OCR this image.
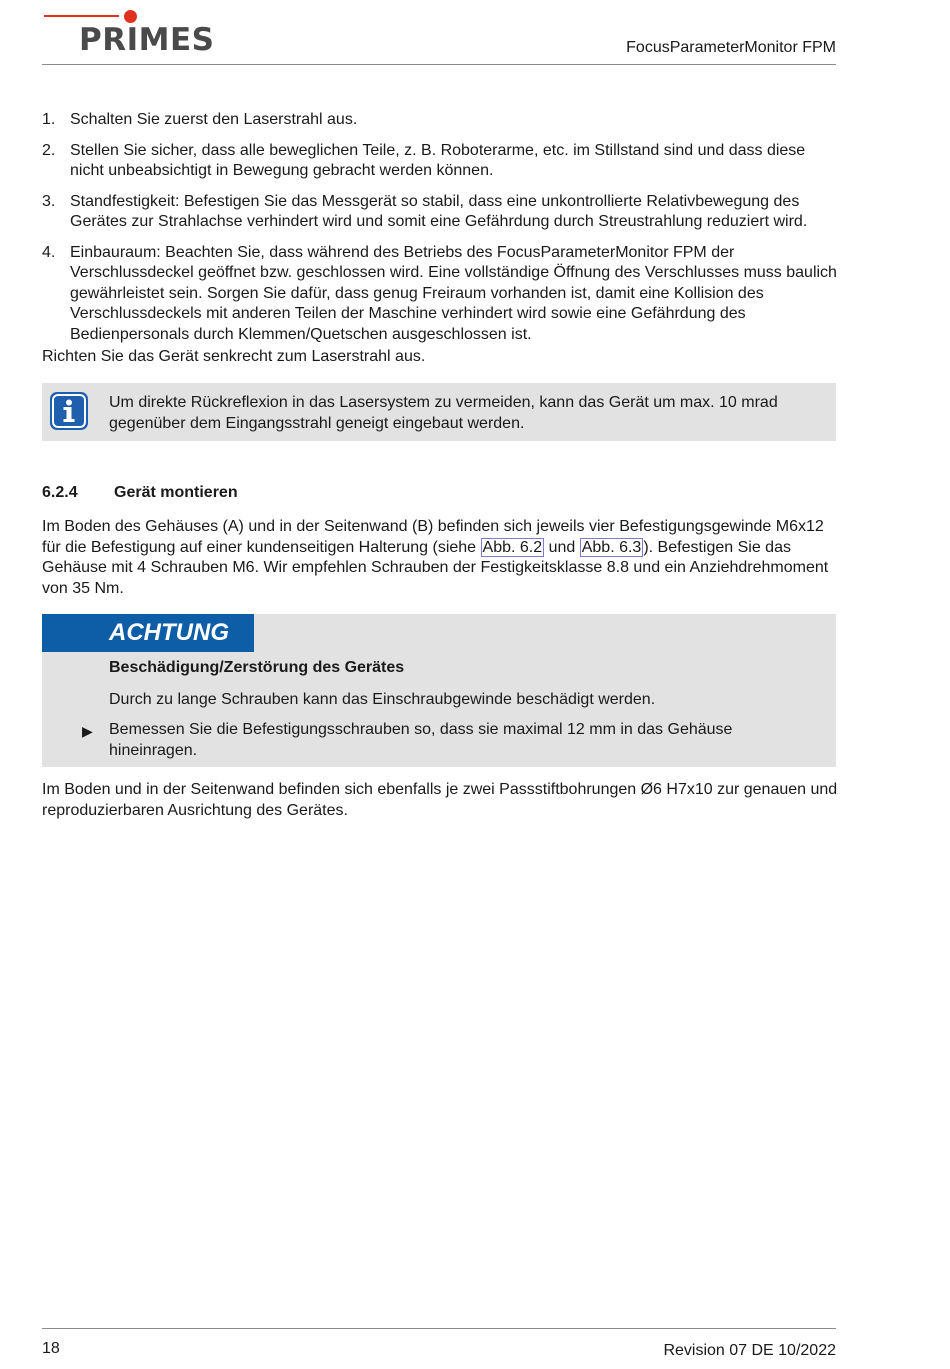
PRIMES	FocusParameterMonitor FPM
1. Schalten Sie zuerst den Laserstrahl aus.
2. Stellen Sie sicher, dass alle beweglichen Teile, z. B. Roboterarme, etc. im Stillstand sind und dass diese nicht unbeabsichtigt in Bewegung gebracht werden können.
3. Standfestigkeit: Befestigen Sie das Messgerät so stabil, dass eine unkontrollierte Relativbewegung des Gerätes zur Strahlachse verhindert wird und somit eine Gefährdung durch Streustrahlung reduziert wird.
4. Einbauraum: Beachten Sie, dass während des Betriebs des FocusParameterMonitor FPM der Verschlussdeckel geöffnet bzw. geschlossen wird. Eine vollständige Öffnung des Verschlusses muss baulich gewährleistet sein. Sorgen Sie dafür, dass genug Freiraum vorhanden ist, damit eine Kollision des Verschlussdeckels mit anderen Teilen der Maschine verhindert wird sowie eine Gefährdung des Bedienpersonals durch Klemmen/Quetschen ausgeschlossen ist.

Richten Sie das Gerät senkrecht zum Laserstrahl aus.

Um direkte Rückreflexion in das Lasersystem zu vermeiden, kann das Gerät um max. 10 mrad gegenüber dem Eingangsstrahl geneigt eingebaut werden.
6.2.4 Gerät montieren

Im Boden des Gehäuses (A) und in der Seitenwand (B) befinden sich jeweils vier Befestigungsgewinde M6x12 für die Befestigung auf einer kundenseitigen Halterung (siehe Abb. 6.2 und Abb. 6.3 ). Befestigen Sie das Gehäuse mit 4 Schrauben M6. Wir empfehlen Schrauben der Festigkeitsklasse 8.8 und ein Anziehdrehmoment von 35 Nm.

ACHTUNG
Beschädigung/Zerstörung des Gerätes
Durch zu lange Schrauben kann das Einschraubgewinde beschädigt werden.
▶ Bemessen Sie die Befestigungsschrauben so, dass sie maximal 12 mm in das Gehäuse hineinragen.

Im Boden und in der Seitenwand befinden sich ebenfalls je zwei Passstiftbohrungen Ø6 H7x10 zur genauen und reproduzierbaren Ausrichtung des Gerätes.

18	Revision 07 DE 10/2022
